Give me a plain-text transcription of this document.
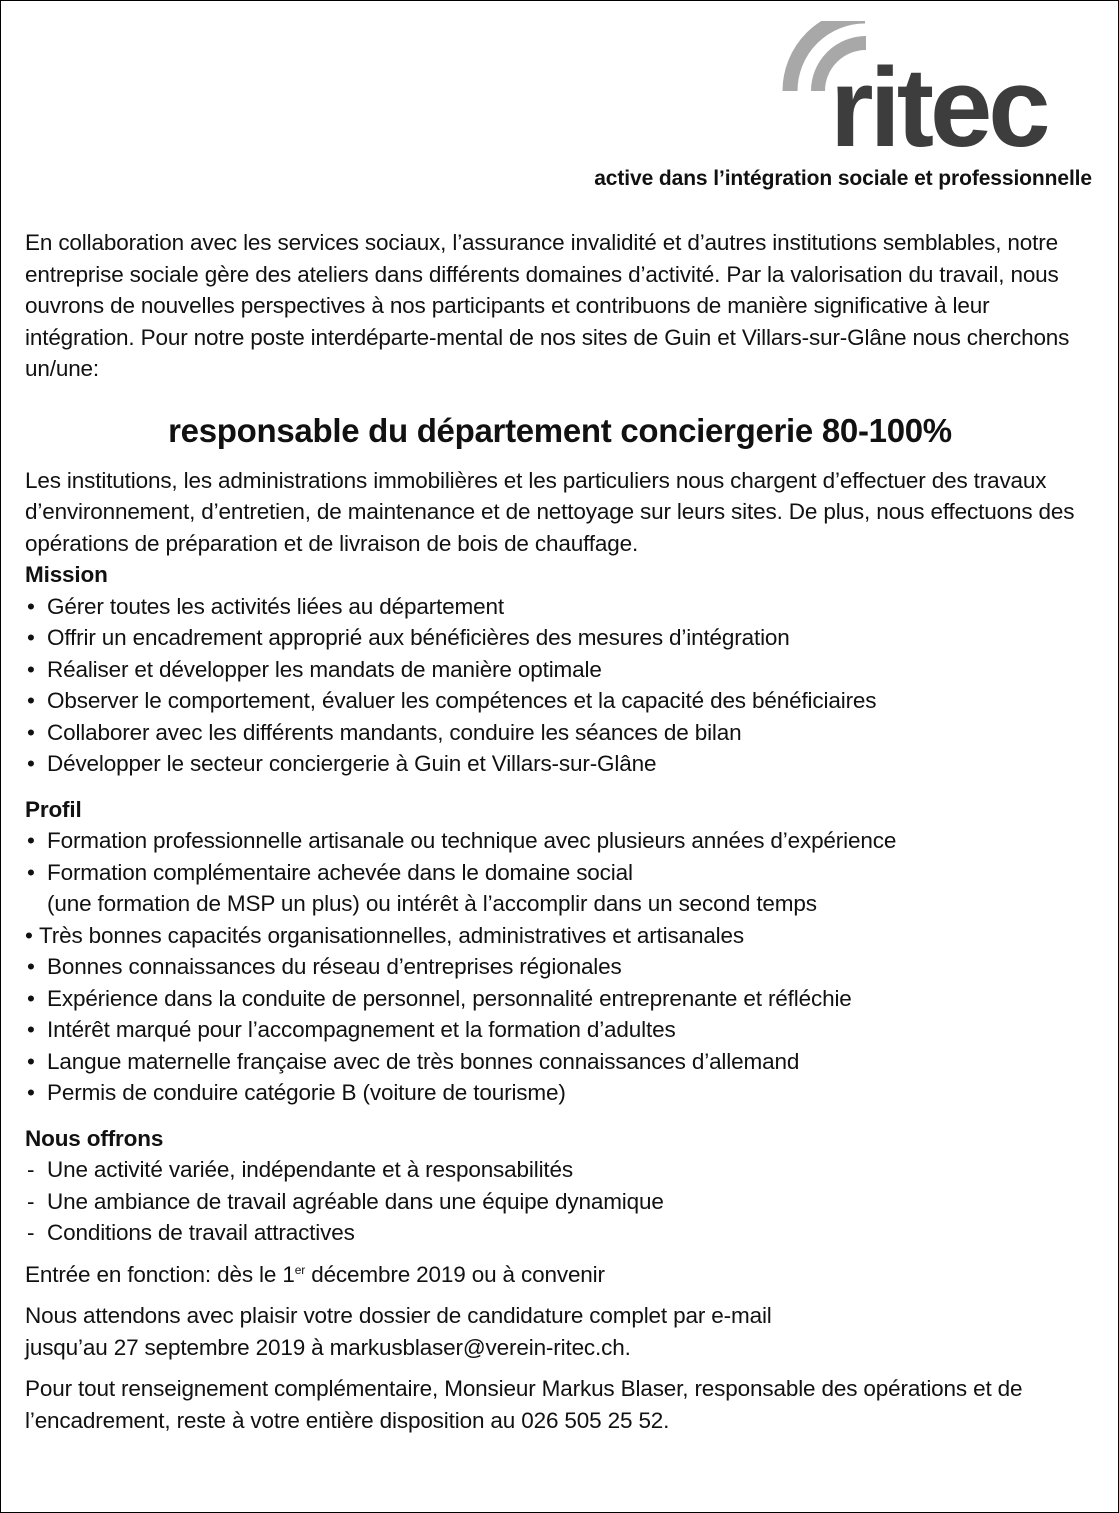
ritec
active dans l’intégration sociale et professionnelle

En collaboration avec les services sociaux, l’assurance invalidité et d’autres institutions semblables, notre entreprise sociale gère des ateliers dans différents domaines d’activité. Par la valorisation du travail, nous ouvrons de nouvelles perspectives à nos participants et contribuons de manière significative à leur intégration. Pour notre poste interdéparte-mental de nos sites de Guin et Villars-sur-Glâne nous cherchons un/une:

responsable du département conciergerie 80-100%

Les institutions, les administrations immobilières et les particuliers nous chargent d’effectuer des travaux d’environnement, d’entretien, de maintenance et de nettoyage sur leurs sites. De plus, nous effectuons des opérations de préparation et de livraison de bois de chauffage.

Mission
• Gérer toutes les activités liées au département
• Offrir un encadrement approprié aux bénéficières des mesures d’intégration
• Réaliser et développer les mandats de manière optimale
• Observer le comportement, évaluer les compétences et la capacité des bénéficiaires
• Collaborer avec les différents mandants, conduire les séances de bilan
• Développer le secteur conciergerie à Guin et Villars-sur-Glâne
Profil
• Formation professionnelle artisanale ou technique avec plusieurs années d’expérience
• Formation complémentaire achevée dans le domaine social
(une formation de MSP un plus) ou intérêt à l’accomplir dans un second temps
• Très bonnes capacités organisationnelles, administratives et artisanales
• Bonnes connaissances du réseau d’entreprises régionales
• Expérience dans la conduite de personnel, personnalité entreprenante et réfléchie
• Intérêt marqué pour l’accompagnement et la formation d’adultes
• Langue maternelle française avec de très bonnes connaissances d’allemand
• Permis de conduire catégorie B (voiture de tourisme)
Nous offrons
- Une activité variée, indépendante et à responsabilités
- Une ambiance de travail agréable dans une équipe dynamique
- Conditions de travail attractives

Entrée en fonction: dès le 1er décembre 2019 ou à convenir

Nous attendons avec plaisir votre dossier de candidature complet par e-mail
jusqu’au 27 septembre 2019 à markusblaser@verein-ritec.ch.

Pour tout renseignement complémentaire, Monsieur Markus Blaser, responsable des opérations et de l’encadrement, reste à votre entière disposition au 026 505 25 52.
